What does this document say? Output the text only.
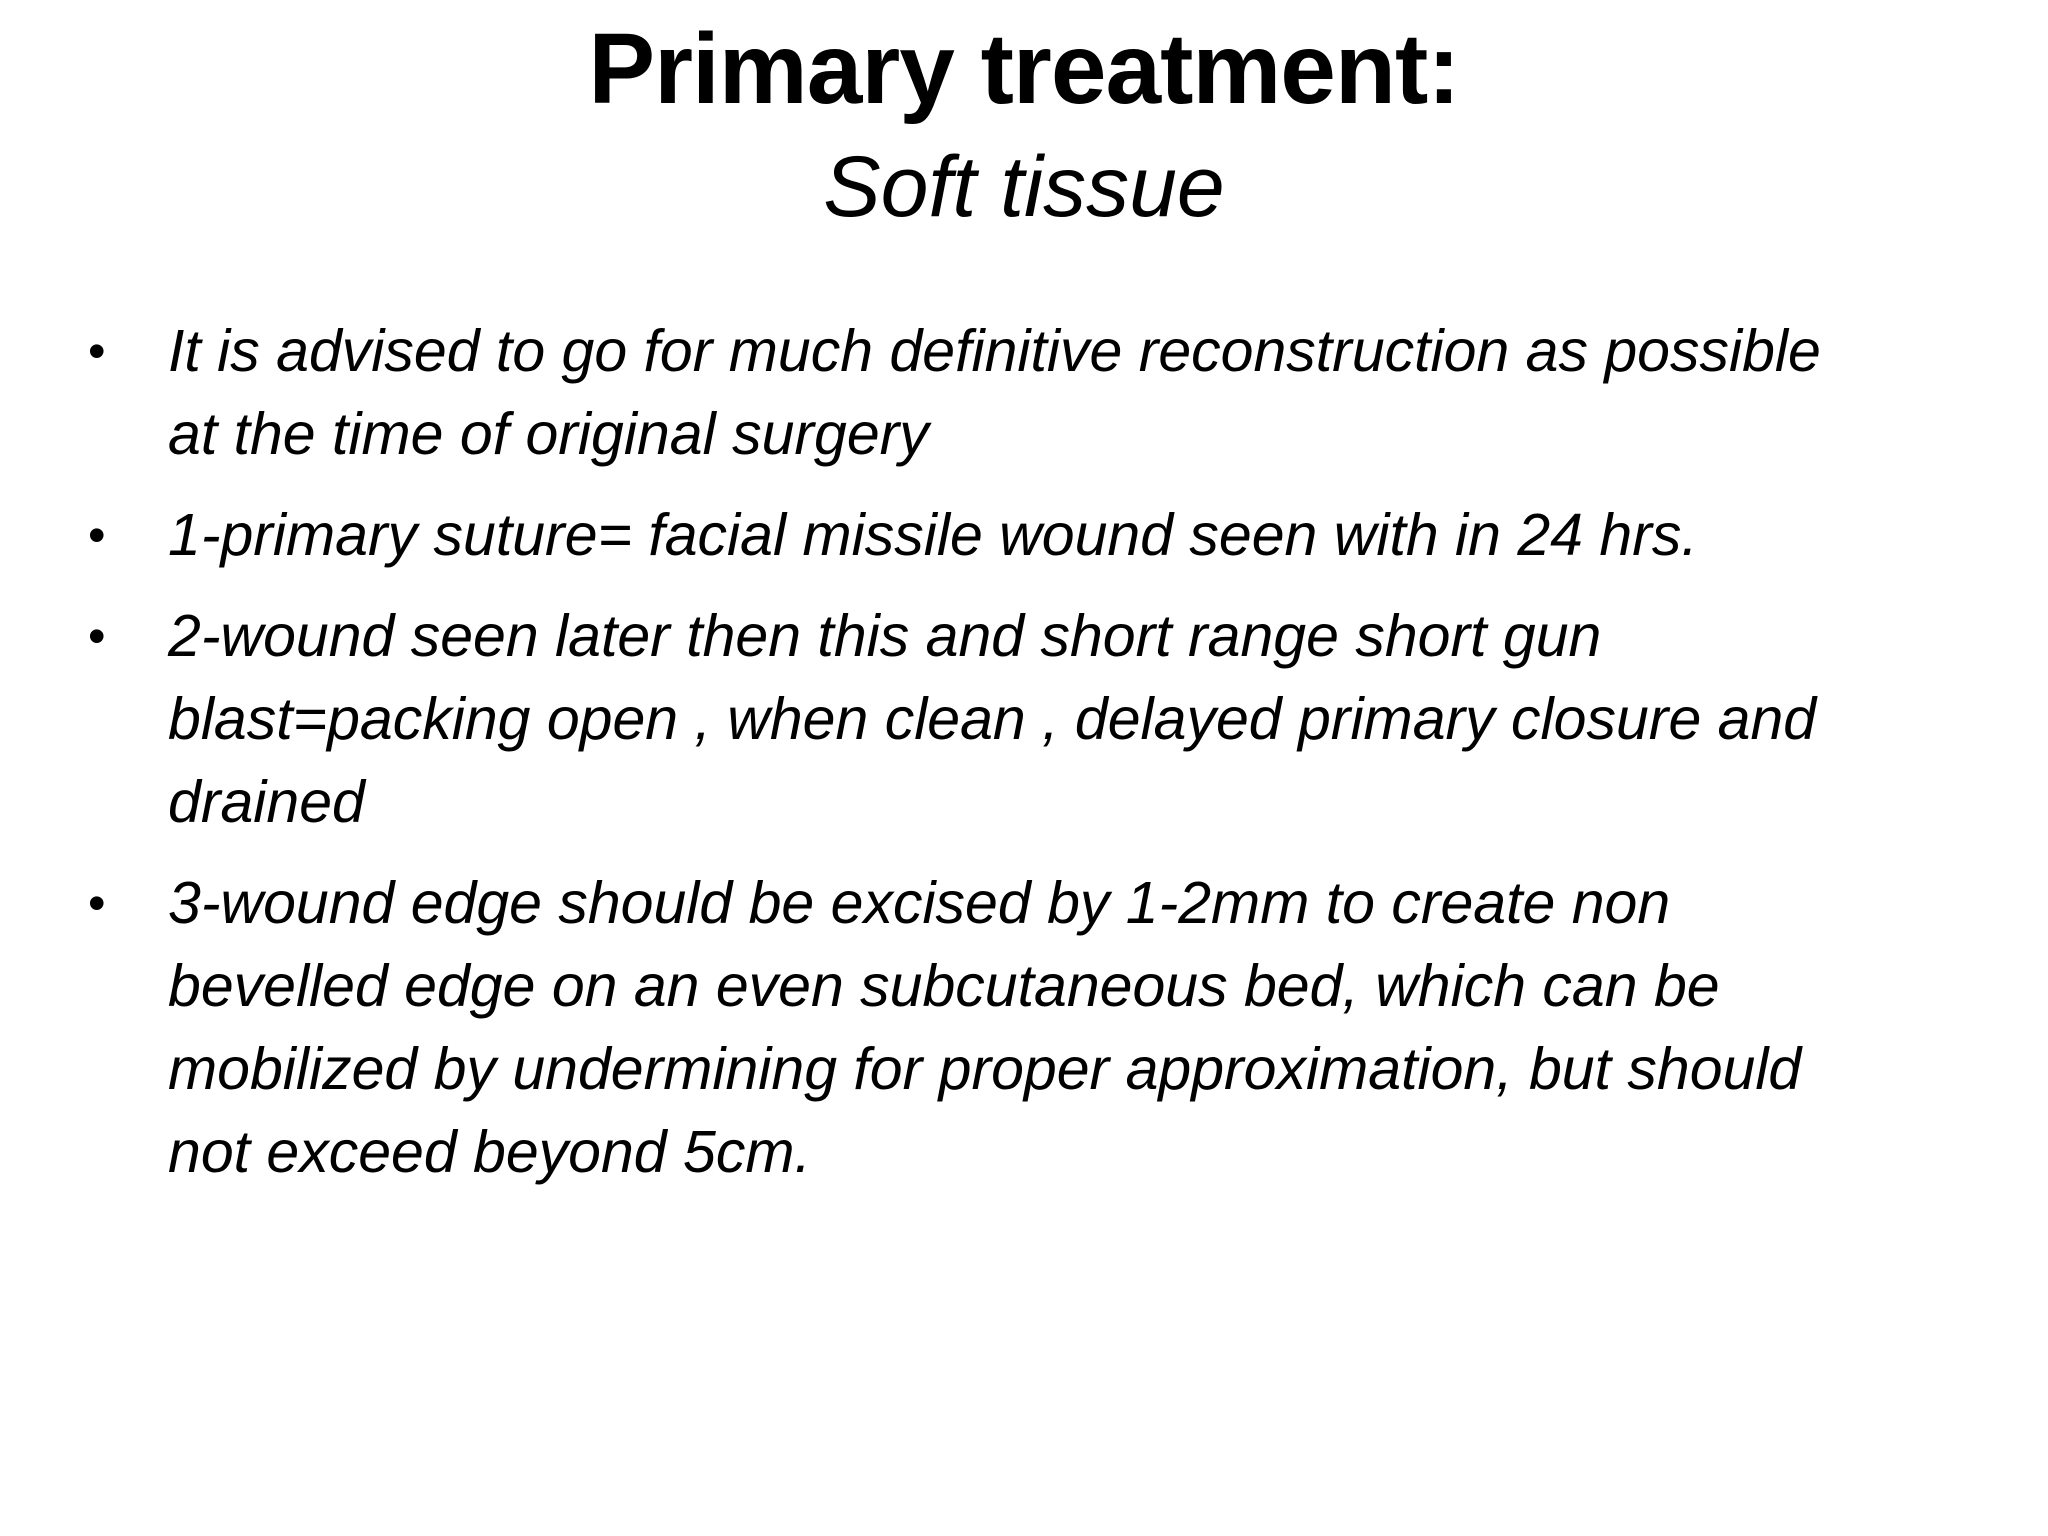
Primary treatment:
Soft tissue
• It is advised to go for much definitive reconstruction as possible at the time of original surgery
• 1-primary suture= facial missile wound seen with in 24 hrs.
• 2-wound seen later then this and short range short gun blast=packing open , when clean , delayed primary closure and drained
• 3-wound edge should be excised by 1-2mm to create non bevelled edge on an even subcutaneous bed, which can be mobilized by undermining for proper approximation, but should not exceed beyond 5cm.
